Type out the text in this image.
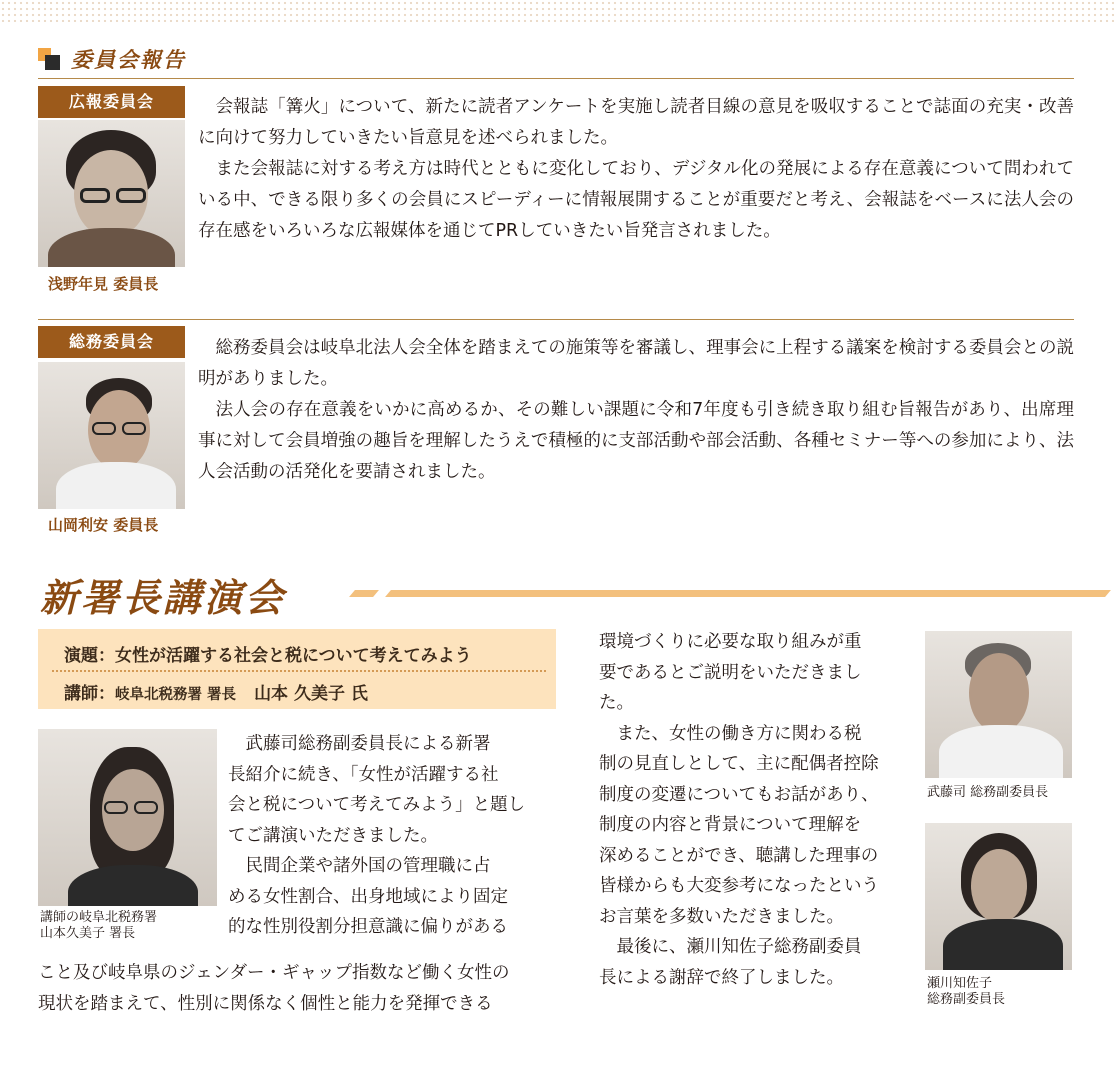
委員会報告
広報委員会
浅野年見 委員長

会報誌「篝火」について、新たに読者アンケートを実施し読者目線の意見を吸収することで誌面の充実・改善に向けて努力していきたい旨意見を述べられました。

また会報誌に対する考え方は時代とともに変化しており、デジタル化の発展による存在意義について問われている中、できる限り多くの会員にスピーディーに情報展開することが重要だと考え、会報誌をベースに法人会の存在感をいろいろな広報媒体を通じてPRしていきたい旨発言されました。

総務委員会
山岡利安 委員長

総務委員会は岐阜北法人会全体を踏まえての施策等を審議し、理事会に上程する議案を検討する委員会との説明がありました。

法人会の存在意義をいかに高めるか、その難しい課題に令和7年度も引き続き取り組む旨報告があり、出席理事に対して会員増強の趣旨を理解したうえで積極的に支部活動や部会活動、各種セミナー等への参加により、法人会活動の活発化を要請されました。

新署長講演会
演題：女性が活躍する社会と税について考えてみよう
講師：岐阜北税務署 署長 山本 久美子 氏
講師の岐阜北税務署
山本久美子 署長
　武藤司総務副委員長による新署
長紹介に続き、「女性が活躍する社
会と税について考えてみよう」と題し
てご講演いただきました。
　民間企業や諸外国の管理職に占
める女性割合、出身地域により固定
的な性別役割分担意識に偏りがある
こと及び岐阜県のジェンダー・ギャップ指数など働く女性の
現状を踏まえて、性別に関係なく個性と能力を発揮できる
環境づくりに必要な取り組みが重
要であるとご説明をいただきまし
た。
　また、女性の働き方に関わる税
制の見直しとして、主に配偶者控除
制度の変遷についてもお話があり、
制度の内容と背景について理解を
深めることができ、聴講した理事の
皆様からも大変参考になったという
お言葉を多数いただきました。
　最後に、瀬川知佐子総務副委員
長による謝辞で終了しました。
武藤司 総務副委員長
瀬川知佐子
総務副委員長
